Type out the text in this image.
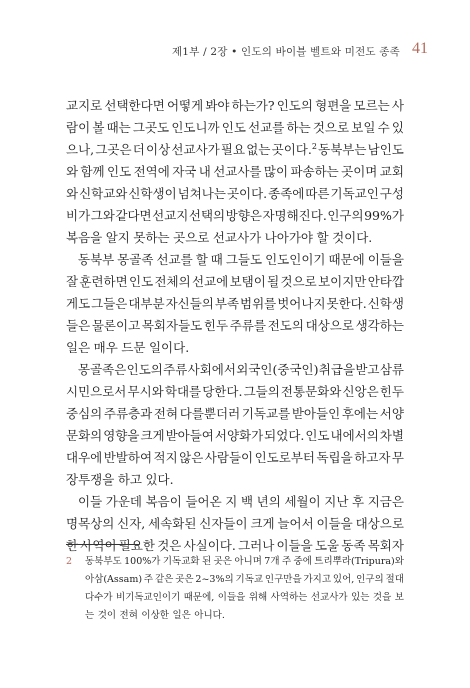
제1부 / 2장 • 인도의 바이블 벨트와 미전도 종족 41
교지로 선택한다면 어떻게 봐야 하는가? 인도의 형편을 모르는 사
람이 볼 때는 그곳도 인도니까 인도 선교를 하는 것으로 보일 수 있
으나, 그곳은 더 이상 선교사가 필요 없는 곳이다.$^2$ 동북부는 남인도
와 함께 인도 전역에 자국 내 선교사를 많이 파송하는 곳이며 교회
와 신학교와 신학생이 넘쳐나는 곳이다. 종족에 따른 기독교인 구성
비가 그와 같다면 선교지 선택의 방향은 자명해진다. 인구의 99%가
복음을 알지 못하는 곳으로 선교사가 나아가야 할 것이다.
동북부 몽골족 선교를 할 때 그들도 인도인이기 때문에 이들을
잘 훈련하면 인도 전체의 선교에 보탬이 될 것으로 보이지만 안타깝
게도 그들은 대부분 자신들의 부족 범위를 벗어나지 못한다. 신학생
들은 물론이고 목회자들도 힌두 주류를 전도의 대상으로 생각하는
일은 매우 드문 일이다.
몽골족은 인도의 주류 사회에서 외국인(중국인) 취급을 받고 삼류
시민으로서 무시와 학대를 당한다. 그들의 전통문화와 신앙은 힌두
중심의 주류층과 전혀 다를뿐더러 기독교를 받아들인 후에는 서양
문화의 영향을 크게 받아들여 서양화가 되었다. 인도 내에서의 차별
대우에 반발하여 적지 않은 사람들이 인도로부터 독립을 하고자 무
장투쟁을 하고 있다.
이들 가운데 복음이 들어온 지 백 년의 세월이 지난 후 지금은
명목상의 신자, 세속화된 신자들이 크게 늘어서 이들을 대상으로
한 사역이 필요한 것은 사실이다. 그러나 이들을 도울 동족 목회자
2 동북부도 100%가 기독교화 된 곳은 아니며 7개 주 중에 트리뿌라(Tripura)와
아삼(Assam) 주 같은 곳은 2~3%의 기독교 인구만을 가지고 있어, 인구의 절대
다수가 비기독교인이기 때문에, 이들을 위해 사역하는 선교사가 있는 것을 보
는 것이 전혀 이상한 일은 아니다.
